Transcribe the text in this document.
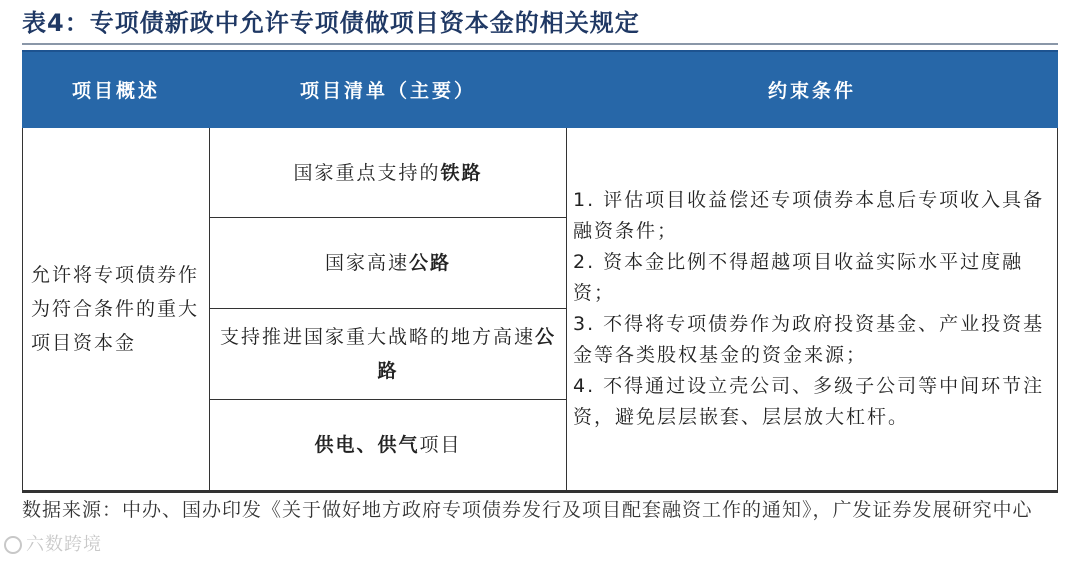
表4：专项债新政中允许专项债做项目资本金的相关规定
项目概述	项目清单（主要）	约束条件
允许将专项债券作为符合条件的重大项目资本金
国家重点支持的铁路
国家高速公路
支持推进国家重大战略的地方高速公路
供电、供气项目

1. 评估项目收益偿还专项债券本息后专项收入具备融资条件；

2. 资本金比例不得超越项目收益实际水平过度融资；

3. 不得将专项债券作为政府投资基金、产业投资基金等各类股权基金的资金来源；

4. 不得通过设立壳公司、多级子公司等中间环节注资，避免层层嵌套、层层放大杠杆。

数据来源：中办、国办印发《关于做好地方政府专项债券发行及项目配套融资工作的通知》，广发证券发展研究中心
六数跨境
